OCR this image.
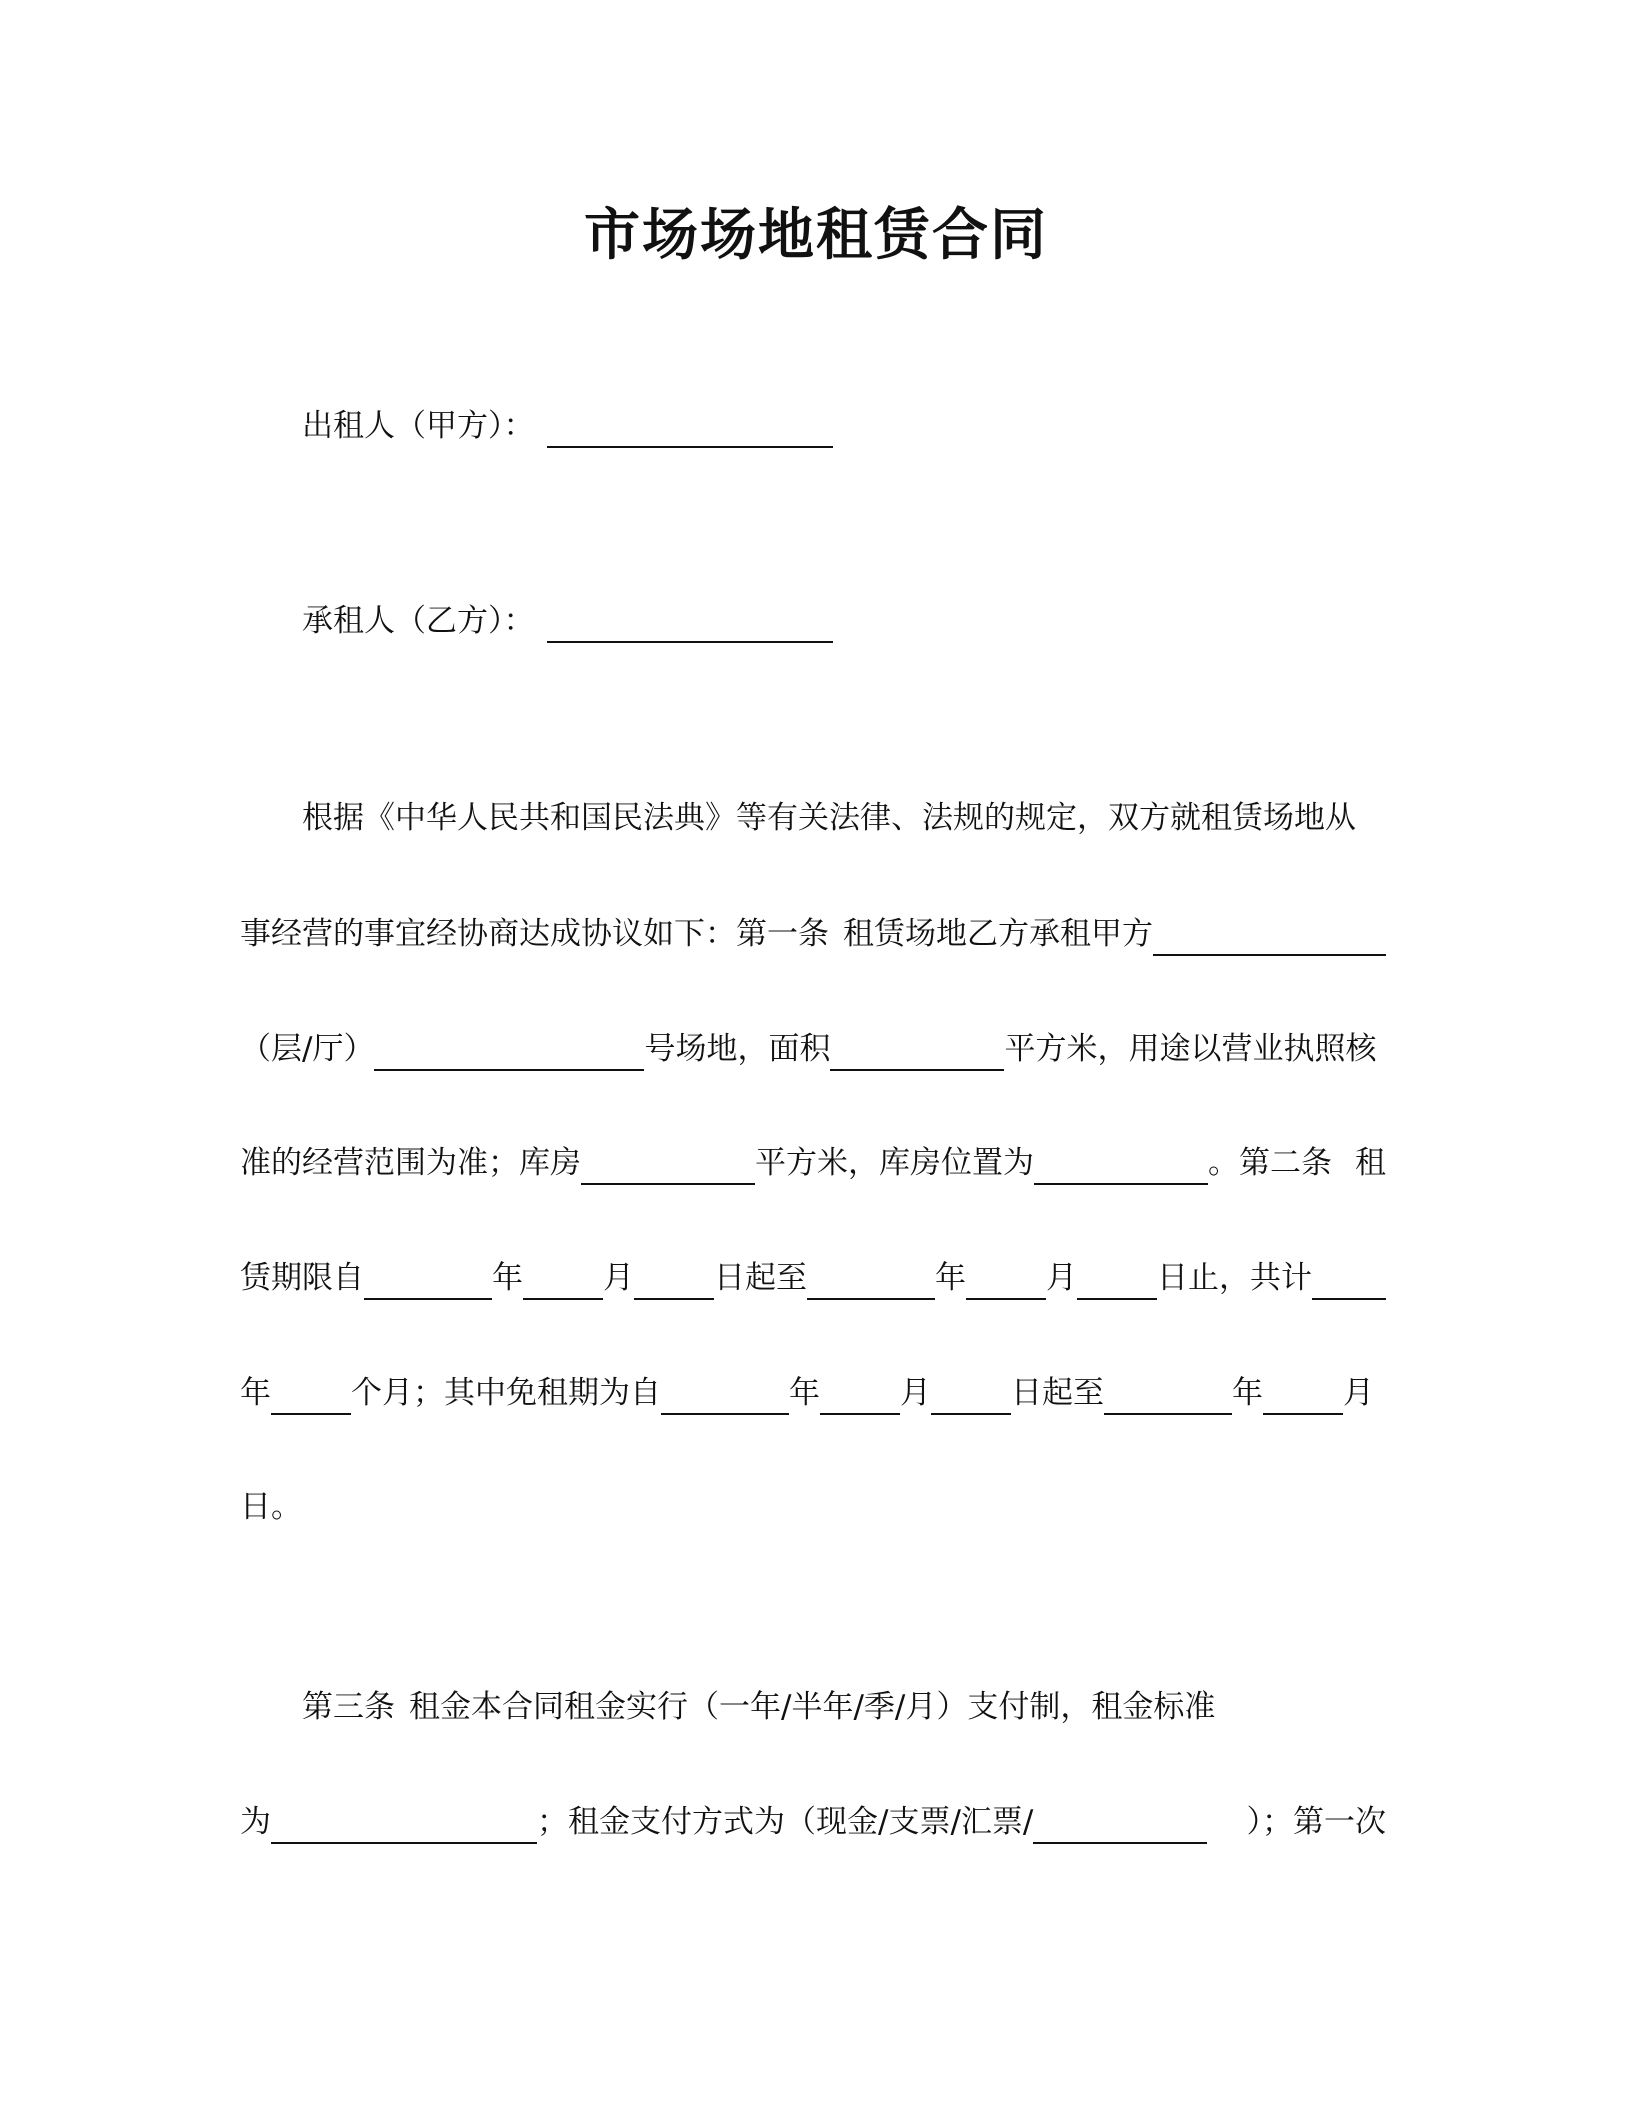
市场场地租赁合同
出租人（甲方）：
承租人（乙方）：
根据《中华人民共和国民法典》等有关法律、法规的规定，双方就租赁场地从
事经营的事宜经协商达成协议如下：第一条 租赁场地乙方承租甲方
（层/厅）	号场地，面积	平方米，用途以营业执照核
准的经营范围为准；库房	平方米，库房位置为	。第二条 租
赁期限自	年	月	日起至	年	月	日止，共计
年	个月；其中免租期为自	年	月	日起至	年	月
日。
第三条 租金本合同租金实行（一年/半年/季/月）支付制，租金标准
为	；租金支付方式为（现金/支票/汇票/	）；第一次
